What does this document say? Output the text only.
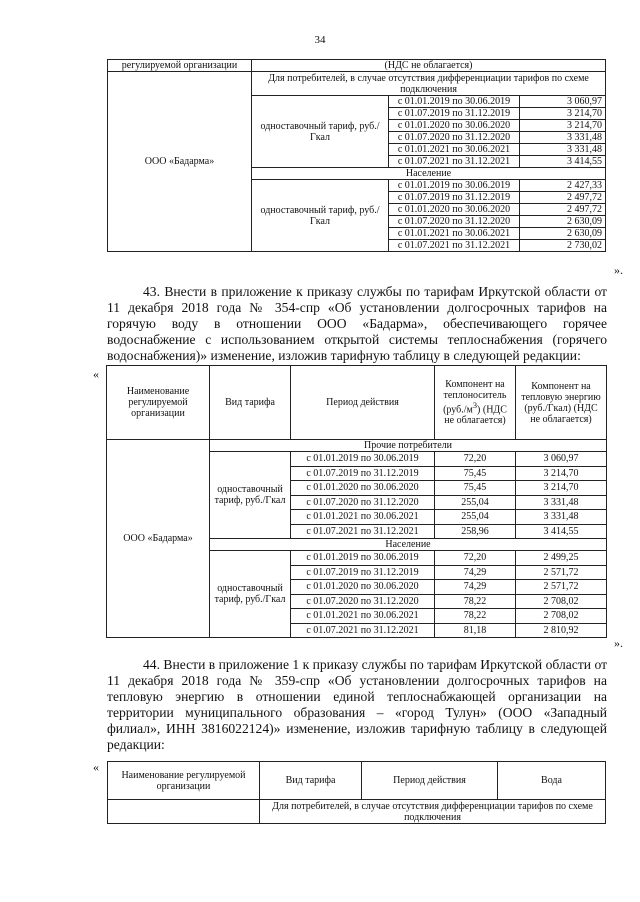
34
регулируемой организации	(НДС не облагается)		
ООО «Бадарма»	Для потребителей, в случае отсутствия дифференциации тарифов по схеме подключения		
	одноставочный тариф, руб./Гкал	с 01.01.2019 по 30.06.2019	3 060,97
		с 01.07.2019 по 31.12.2019	3 214,70
		с 01.01.2020 по 30.06.2020	3 214,70
		с 01.07.2020 по 31.12.2020	3 331,48
		с 01.01.2021 по 30.06.2021	3 331,48
		с 01.07.2021 по 31.12.2021	3 414,55
	Население		
	одноставочный тариф, руб./Гкал	с 01.01.2019 по 30.06.2019	2 427,33
		с 01.07.2019 по 31.12.2019	2 497,72
		с 01.01.2020 по 30.06.2020	2 497,72
		с 01.07.2020 по 31.12.2020	2 630,09
		с 01.01.2021 по 30.06.2021	2 630,09
		с 01.07.2021 по 31.12.2021	2 730,02
».
43. Внести в приложение к приказу службы по тарифам Иркутской области от 11 декабря 2018 года № 354-спр «Об установлении долгосрочных тарифов на горячую воду в отношении ООО «Бадарма», обеспечивающего горячее водоснабжение с использованием открытой системы теплоснабжения (горячего водоснабжения)» изменение, изложив тарифную таблицу в следующей редакции:
«
Наименование регулируемой организации	Вид тарифа	Период действия	Компонент на теплоноситель $(руб./м^3)$ (НДС не облагается)	Компонент на тепловую энергию (руб./Гкал) (НДС не облагается)
ООО «Бадарма»	Прочие потребители			
	одноставочный тариф, руб./Гкал	с 01.01.2019 по 30.06.2019	72,20	3 060,97
		с 01.07.2019 по 31.12.2019	75,45	3 214,70
		с 01.01.2020 по 30.06.2020	75,45	3 214,70
		с 01.07.2020 по 31.12.2020	255,04	3 331,48
		с 01.01.2021 по 30.06.2021	255,04	3 331,48
		с 01.07.2021 по 31.12.2021	258,96	3 414,55
	Население			
	одноставочный тариф, руб./Гкал	с 01.01.2019 по 30.06.2019	72,20	2 499,25
		с 01.07.2019 по 31.12.2019	74,29	2 571,72
		с 01.01.2020 по 30.06.2020	74,29	2 571,72
		с 01.07.2020 по 31.12.2020	78,22	2 708,02
		с 01.01.2021 по 30.06.2021	78,22	2 708,02
		с 01.07.2021 по 31.12.2021	81,18	2 810,92
».
44. Внести в приложение 1 к приказу службы по тарифам Иркутской области от 11 декабря 2018 года № 359-спр «Об установлении долгосрочных тарифов на тепловую энергию в отношении единой теплоснабжающей организации на территории муниципального образования – «город Тулун» (ООО «Западный филиал», ИНН 3816022124)» изменение, изложив тарифную таблицу в следующей редакции:
«
Наименование регулируемой организации	Вид тарифа	Период действия	Вода
	Для потребителей, в случае отсутствия дифференциации тарифов по схеме подключения		
